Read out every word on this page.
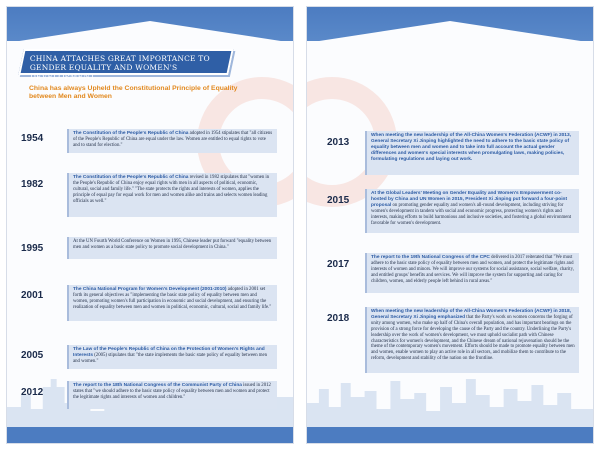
CHINA ATTACHES GREAT IMPORTANCE TO GENDER EQUALITY AND WOMEN'S DEVELOPMENT
China has always Upheld the Constitutional Principle of Equality between Men and Women
1954	The Constitution of the People's Republic of China adopted in 1954 stipulates that "all citizens of the People's Republic of China are equal under the law. Women are entitled to equal rights to vote and to stand for election."
1982
The Constitution of the People's Republic of China revised in 1982 stipulates that "women in the People's Republic of China enjoy equal rights with men in all aspects of political, economic, cultural, social and family life." "The state protects the rights and interests of women, applies the principle of equal pay for equal work for men and women alike and trains and selects women leading officials as well."
1995
At the UN Fourth World Conference on Women in 1995, Chinese leader put forward "equality between men and women as a basic state policy to promote social development in China."
2001
The China National Program for Women's Development (2001-2010) adopted in 2001 set forth its general objectives as "implementing the basic state policy of equality between men and women, promoting women's full participation in economic and social development, and ensuring the realization of equality between men and women in political, economic, cultural, social and family life."
2005
The Law of the People's Republic of China on the Protection of Women's Rights and Interests (2005) stipulates that "the state implements the basic state policy of equality between men and women."
2012
The report to the 18th National Congress of the Communist Party of China issued in 2012 states that "we should adhere to the basic state policy of equality between men and women and protect the legitimate rights and interests of women and children."
2013
When meeting the new leadership of the All-China Women's Federation (ACWF) in 2013, General Secretary Xi Jinping highlighted the need to adhere to the basic state policy of equality between men and women and to take into full account the actual gender differences and women's special interests when promulgating laws, making policies, formulating regulations and laying out work.
2015
At the Global Leaders' Meeting on Gender Equality and Women's Empowerment co-hosted by China and UN Women in 2015, President Xi Jinping put forward a four-point proposal on promoting gender equality and women's all-round development, including striving for women's development in tandem with social and economic progress, protecting women's rights and interests, making efforts to build harmonious and inclusive societies, and fostering a global environment favorable for women's development.
2017
The report to the 19th National Congress of the CPC delivered in 2017 reiterated that "We must adhere to the basic state policy of equality between men and women, and protect the legitimate rights and interests of women and minors. We will improve our systems for social assistance, social welfare, charity, and entitled groups' benefits and services. We will improve the system for supporting and caring for children, women, and elderly people left behind in rural areas."
2018
When meeting the new leadership of the All-China Women's Federation (ACWF) in 2018, General Secretary Xi Jinping emphasized that the Party's work on women concerns the forging of unity among women, who make up half of China's overall population, and has important bearings on the provision of a strong force for developing the cause of the Party and the country. Underlining the Party's leadership over the work of women's development, we must uphold socialist path with Chinese characteristics for women's development, and the Chinese dream of national rejuvenation should be the theme of the contemporary women's movement. Efforts should be made to promote equality between men and women, enable women to play an active role in all sectors, and mobilize them to contribute to the reform, development and stability of the nation on the frontline.
